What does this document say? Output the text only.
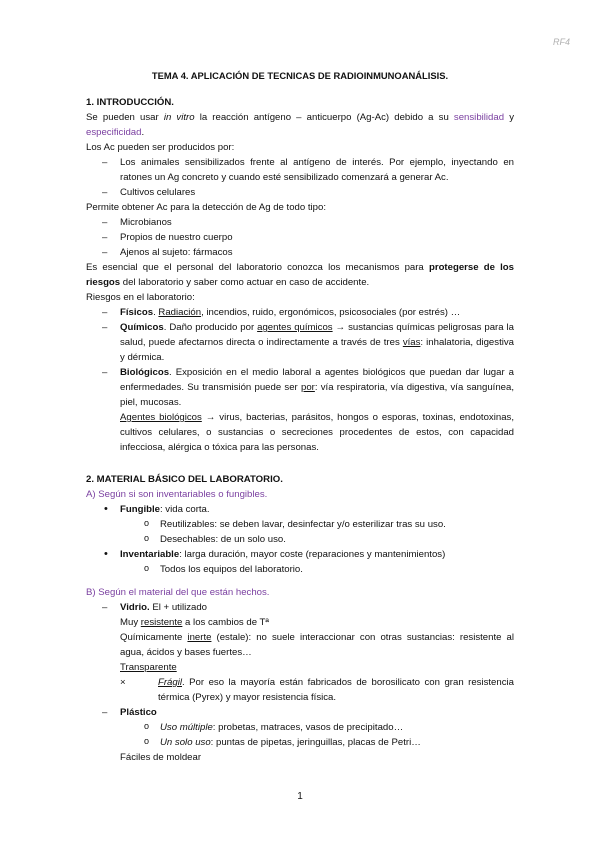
RF4
TEMA 4. APLICACIÓN DE TECNICAS DE RADIOINMUNOANÁLISIS.
1. INTRODUCCIÓN.

Se pueden usar in vitro la reacción antígeno – anticuerpo (Ag-Ac) debido a su sensibilidad y especificidad.

Los Ac pueden ser producidos por:

– Los animales sensibilizados frente al antígeno de interés. Por ejemplo, inyectando en ratones un Ag concreto y cuando esté sensibilizado comenzará a generar Ac.
– Cultivos celulares

Permite obtener Ac para la detección de Ag de todo tipo:

– Microbianos
– Propios de nuestro cuerpo
– Ajenos al sujeto: fármacos

Es esencial que el personal del laboratorio conozca los mecanismos para protegerse de los riesgos del laboratorio y saber como actuar en caso de accidente.

Riesgos en el laboratorio:

– Físicos. Radiación, incendios, ruido, ergonómicos, psicosociales (por estrés) …
– Químicos. Daño producido por agentes químicos → sustancias químicas peligrosas para la salud, puede afectarnos directa o indirectamente a través de tres vías: inhalatoria, digestiva y dérmica.
– Biológicos. Exposición en el medio laboral a agentes biológicos que puedan dar lugar a enfermedades. Su transmisión puede ser por: vía respiratoria, vía digestiva, vía sanguínea, piel, mucosas.
Agentes biológicos → virus, bacterias, parásitos, hongos o esporas, toxinas, endotoxinas, cultivos celulares, o sustancias o secreciones procedentes de estos, con capacidad infecciosa, alérgica o tóxica para las personas.
2. MATERIAL BÁSICO DEL LABORATORIO.
A) Según si son inventariables o fungibles.
• Fungible: vida corta.
o Reutilizables: se deben lavar, desinfectar y/o esterilizar tras su uso.
o Desechables: de un solo uso.
• Inventariable: larga duración, mayor coste (reparaciones y mantenimientos)
o Todos los equipos del laboratorio.
B) Según el material del que están hechos.
– Vidrio. El + utilizado
Muy resistente a los cambios de Tª
Químicamente inerte (estale): no suele interaccionar con otras sustancias: resistente al agua, ácidos y bases fuertes…
Transparente
× Frágil. Por eso la mayoría están fabricados de borosilicato con gran resistencia térmica (Pyrex) y mayor resistencia física.
– Plástico
o Uso múltiple: probetas, matraces, vasos de precipitado…
o Un solo uso: puntas de pipetas, jeringuillas, placas de Petri…
Fáciles de moldear
1
